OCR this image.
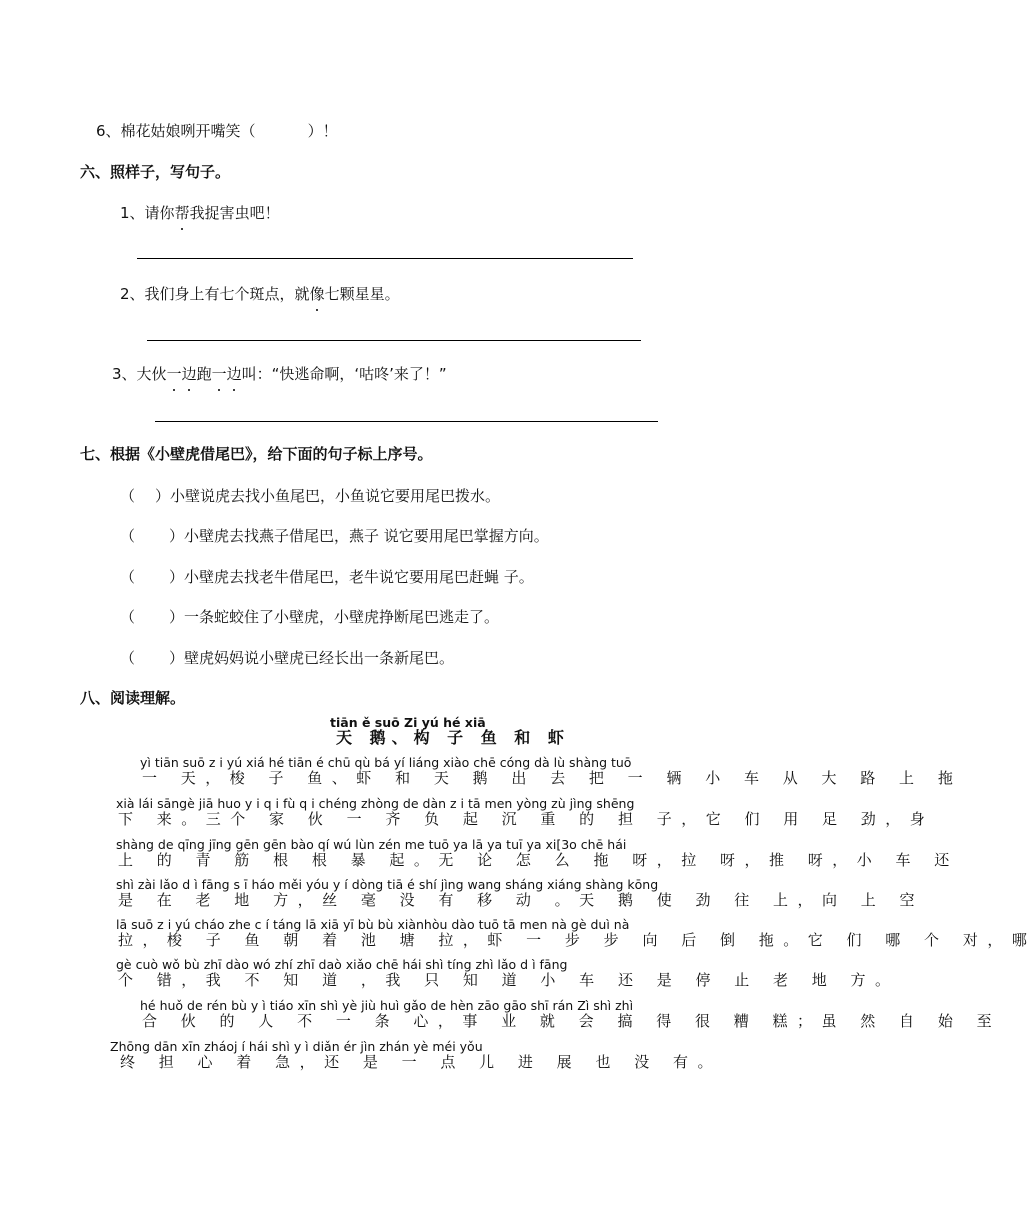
6、棉花姑娘咧开嘴笑（	）！
六、照样子，写句子。
1、请你帮
我捉害虫吧！
2、我们身上有七个斑点，就像
七颗星星。
3、大伙一边
跑一边
叫：“快逃命啊，‘咕咚’来了！”
七、根据《小壁虎借尾巴》，给下面的句子标上序号。
（ ）小壁说虎去找小鱼尾巴，小鱼说它要用尾巴拨水。
（ ）小壁虎去找燕子借尾巴，燕子 说它要用尾巴掌握方向。
（ ）小壁虎去找老牛借尾巴，老牛说它要用尾巴赶蝇 子。
（ ）一条蛇蛟住了小壁虎，小壁虎挣断尾巴逃走了。
（ ）壁虎妈妈说小壁虎已经长出一条新尾巴。
八、阅读理解。
tiān ě suō Zi yú hé xiā
天 鹅、构 子 鱼 和 虾
yì tiān suō z i yú xiá hé tiān é chū qù bá yí liáng xiào chē cóng dà lù shàng tuō
一 天，梭 子 鱼、虾 和 天 鹅 出 去 把 一 辆 小 车 从 大 路 上 拖
xià lái sāngè jiā huo y i q i fù q i chéng zhòng de dàn z i tā men yòng zù jìng shēng
下 来。三个 家 伙 一 齐 负 起 沉 重 的 担 子，它 们 用 足 劲，身
shàng de qīng jīng gēn gēn bào qí wú lùn zén me tuō ya lā ya tuī ya xi[3o chē hái
上 的 青 筋 根 根 暴 起。无 论 怎 么 拖 呀，拉 呀，推 呀，小 车 还
shì zài lǎo d ì fāng s ī háo měi yóu y í dòng tiā é shí jìng wang sháng xiáng shàng kōng
是 在 老 地 方，丝 毫 没 有 移 动 。天 鹅 使 劲 往 上，向 上 空
lā suō z i yú cháo zhe c í táng lā xiā yī bù bù xiànhòu dào tuō tā men nà gè duì nà
拉，梭 子 鱼 朝 着 池 塘 拉，虾 一 步 步 向 后 倒 拖。它 们 哪 个 对，哪
gè cuò wǒ bù zhī dào wó zhí zhī daò xiǎo chē hái shì tíng zhì lǎo d ì fāng
个 错，我 不 知 道 ，我 只 知 道 小 车 还 是 停 止 老 地 方。
hé huǒ de rén bù y ì tiáo xīn shì yè jiù huì gǎo de hèn zāo gāo shī rán Zì shì zhì
合 伙 的 人 不 一 条 心，事 业 就 会 搞 得 很 糟 糕；虽 然 自 始 至
Zhōng dān xīn zháoj í hái shì y ì diǎn ér jìn zhán yè méi yǒu
终 担 心 着 急，还 是 一 点 儿 进 展 也 没 有。
